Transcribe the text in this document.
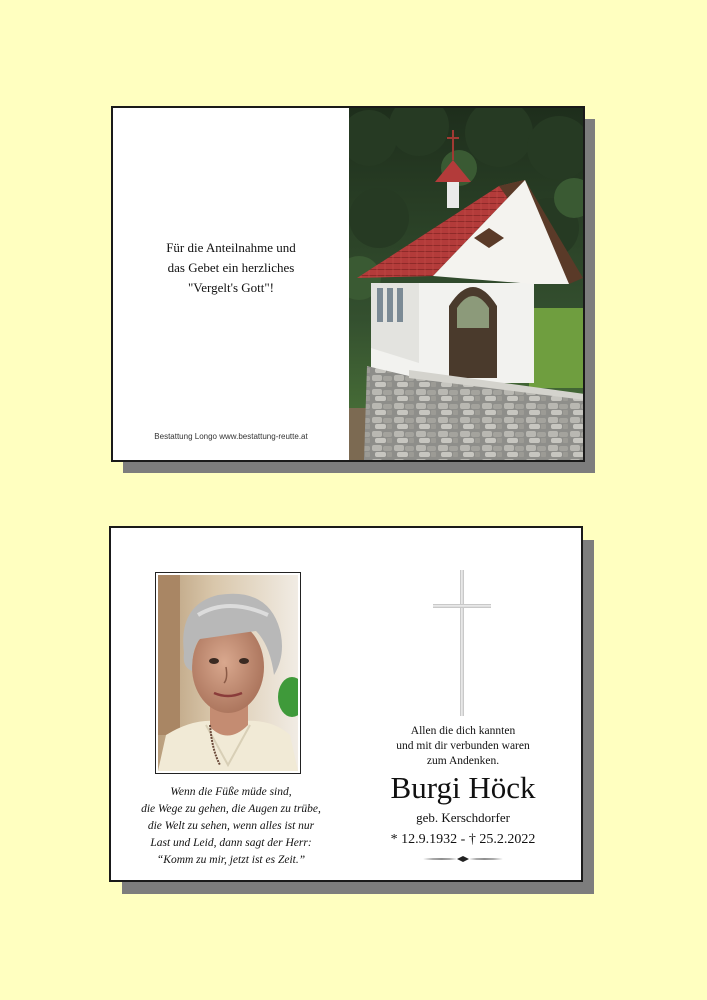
Für die Anteilnahme und
das Gebet ein herzliches
"Vergelt's Gott"!
Bestattung Longo www.bestattung-reutte.at
Wenn die Füße müde sind,
die Wege zu gehen, die Augen zu trübe,
die Welt zu sehen, wenn alles ist nur
Last und Leid, dann sagt der Herr:
“Komm zu mir, jetzt ist es Zeit.”
Allen die dich kannten
und mit dir verbunden waren
zum Andenken.
Burgi Höck
geb. Kerschdorfer
* 12.9.1932 - † 25.2.2022
